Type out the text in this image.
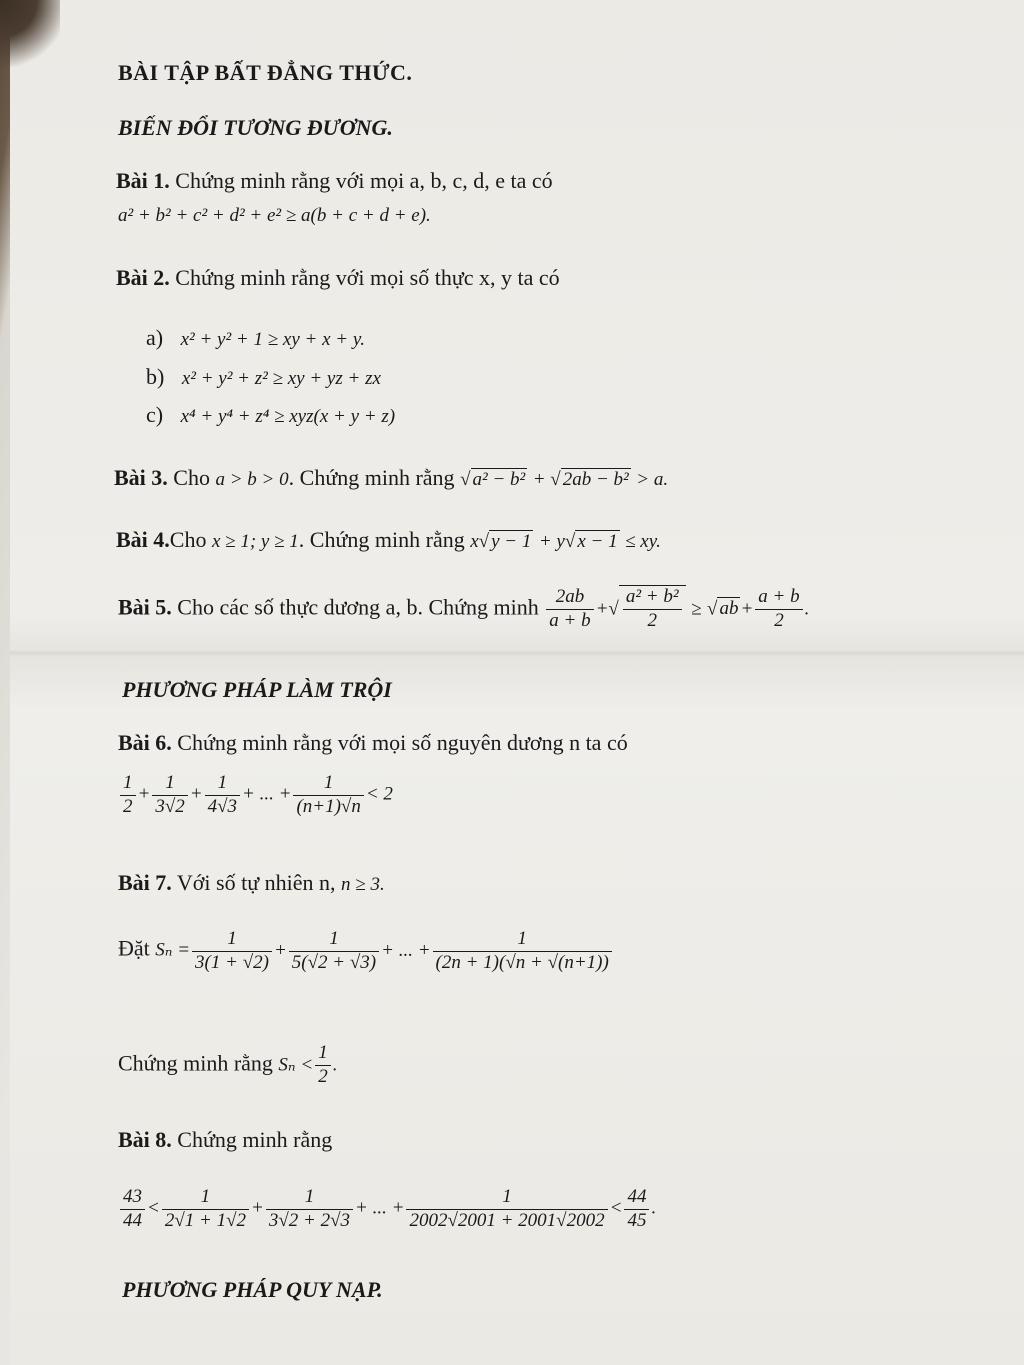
BÀI TẬP BẤT ĐẲNG THỨC.
BIẾN ĐỔI TƯƠNG ĐƯƠNG.
Bài 1. Chứng minh rằng với mọi a, b, c, d, e ta có
a² + b² + c² + d² + e² ≥ a(b + c + d + e).
Bài 2. Chứng minh rằng với mọi số thực x, y ta có
a) x² + y² + 1 ≥ xy + x + y.
b) x² + y² + z² ≥ xy + yz + zx
c) x⁴ + y⁴ + z⁴ ≥ xyz(x + y + z)
Bài 3. Cho a > b > 0. Chứng minh rằng √ a² − b² + √ 2ab − b² > a.
Bài 4.Cho x ≥ 1; y ≥ 1. Chứng minh rằng x√ y − 1 + y√ x − 1 ≤ xy.
Bài 5. Cho các số thực dương a, b. Chứng minh $\frac{2ab}{a + b}$ +√ $\frac{\text{a² + b²}}{2}$ ≥ √ ab + $\frac{a + b}{2}$ .
PHƯƠNG PHÁP LÀM TRỘI
Bài 6. Chứng minh rằng với mọi số nguyên dương n ta có
$\frac{1}{2} + \frac{1}{3√2} + \frac{1}{4√3}$ + ... + $\frac{1}{(n+1)√n} < 2$
Bài 7. Với số tự nhiên n, n ≥ 3.
Đặt $S_n = \frac{1}{3(1 + √2)} + \frac{1}{5(√2 + √3)}$ + ... + $\frac{1}{(2n + 1)(√n + √(n+1))}$
Chứng minh rằng $S_n < \frac{1}{2}$ .
Bài 8. Chứng minh rằng
$\frac{43}{44} < \frac{1}{2√1 + 1√2} + \frac{1}{3√2 + 2√3}$ + ... + $\frac{1}{2002√2001 + 2001√2002} < \frac{44}{45}$ .
PHƯƠNG PHÁP QUY NẠP.
